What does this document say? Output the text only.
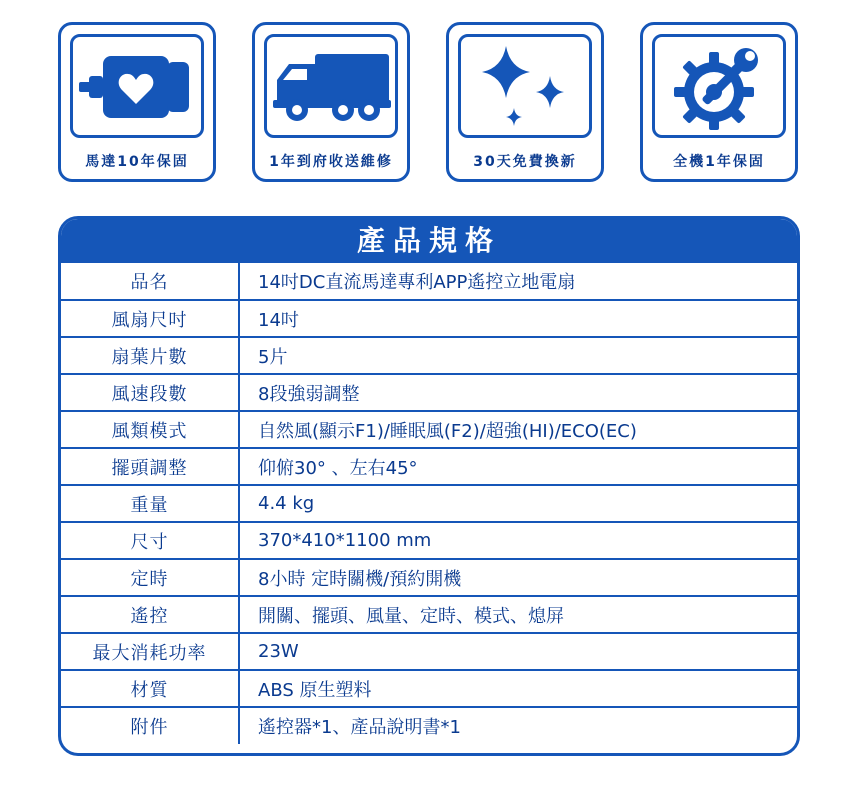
馬達10年保固	1年到府收送維修	30天免費換新	全機1年保固
產品規格
品名	14吋DC直流馬達專利APP遙控立地電扇
風扇尺吋	14吋
扇葉片數	5片
風速段數	8段強弱調整
風類模式	自然風(顯示F1)/睡眠風(F2)/超強(HI)/ECO(EC)
擺頭調整	仰俯30° 、左右45°
重量	4.4 kg
尺寸	370*410*1100 mm
定時	8小時 定時關機/預約開機
遙控	開關、擺頭、風量、定時、模式、熄屏
最大消耗功率	23W
材質	ABS 原生塑料
附件	遙控器*1、產品說明書*1
